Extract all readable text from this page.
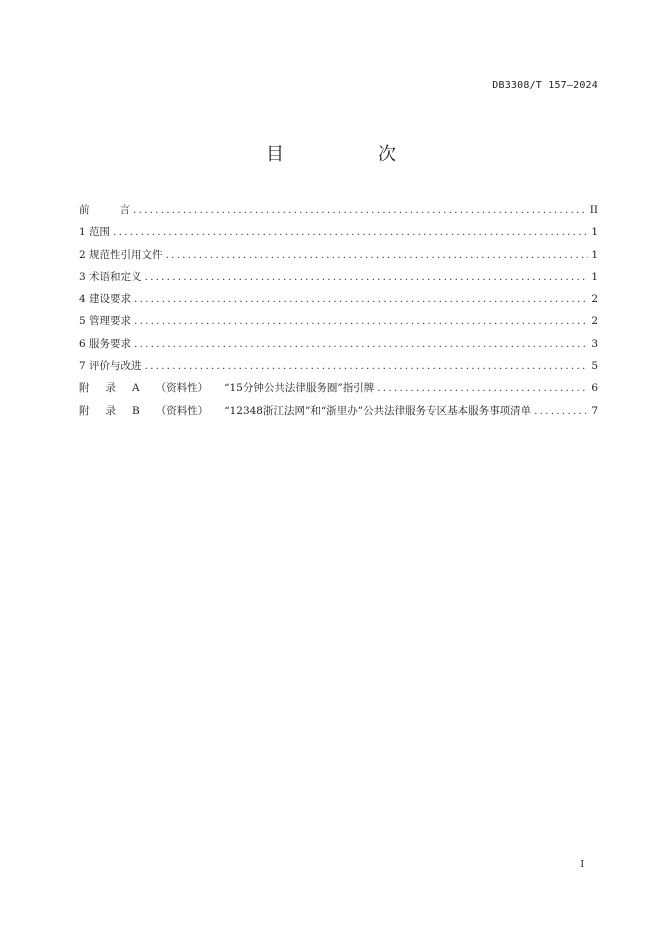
DB3308/T 157—2024
目　次
前言 .....	II
1 范围 .....	1
2 规范性引用文件 .....	1
3 术语和定义 .....	1
4 建设要求 .....	2
5 管理要求 .....	2
6 服务要求 .....	3
7 评价与改进 .....	5
附 录 A （资料性） “15分钟公共法律服务圈”指引牌 .....	6
附 录 B （资料性） “12348浙江法网”和“浙里办”公共法律服务专区基本服务事项清单 .....	7
I
